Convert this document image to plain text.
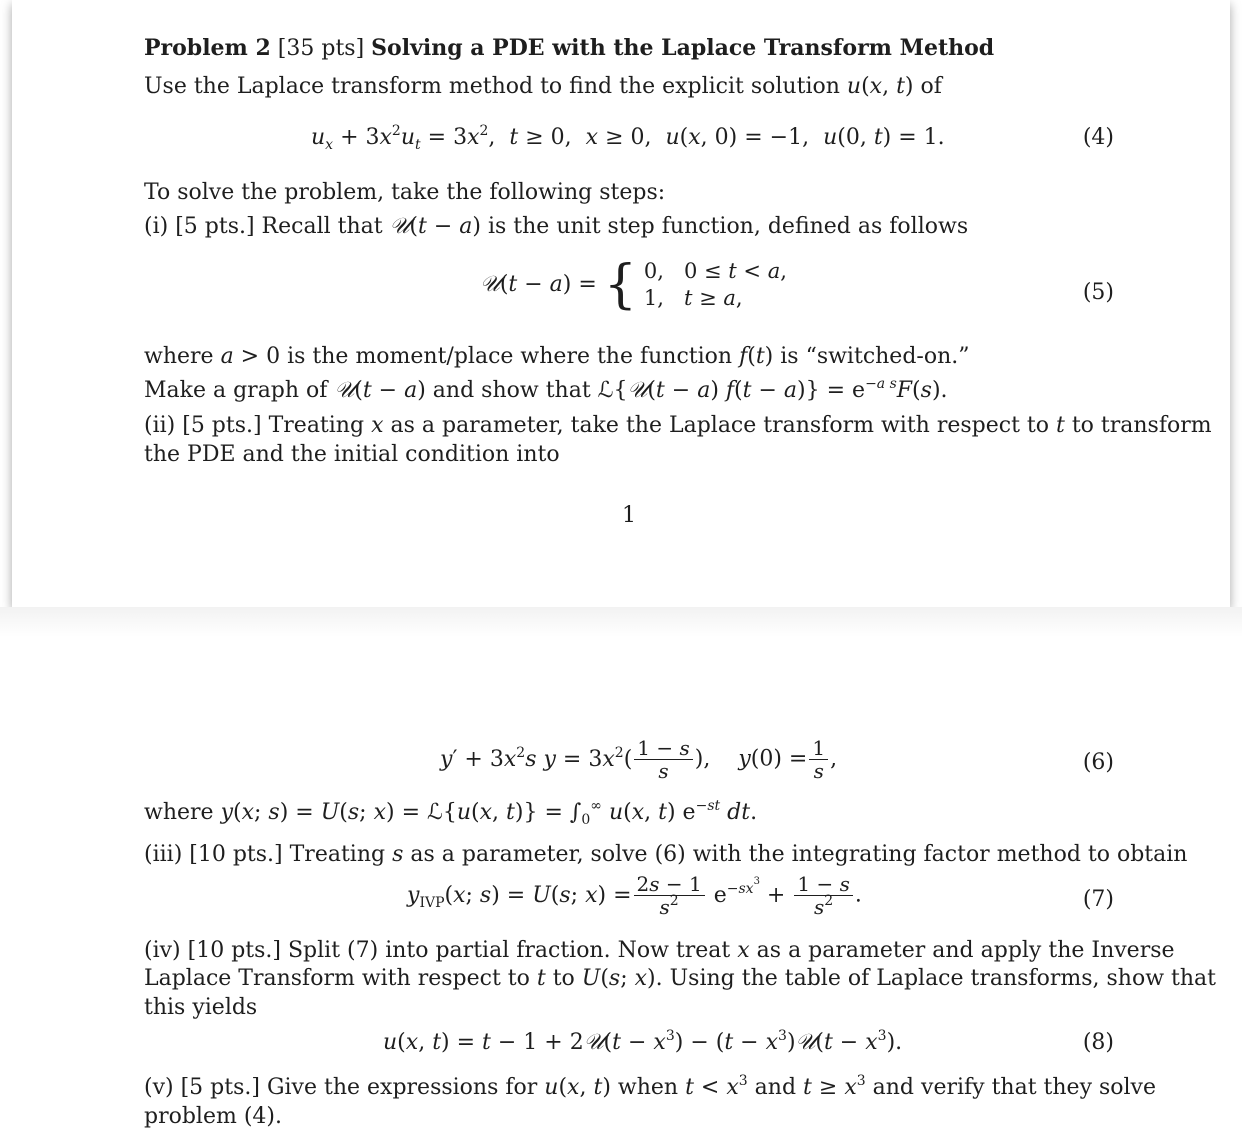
Problem 2 [35 pts] Solving a PDE with the Laplace Transform Method
Use the Laplace transform method to find the explicit solution u(x, t) of
$u_x + 3x^2u_t = 3x^2$,  t ≥ 0,  x ≥ 0,  u(x, 0) = −1,  u(0, t) = 1.	(4)
To solve the problem, take the following steps:
(i) [5 pts.] Recall that 𝒰(t − a) is the unit step function, defined as follows
𝒰(t − a) = { 0,   0 ≤ t < a,
1,   t ≥ a,	(5)
where a > 0 is the moment/place where the function f(t) is “switched-on.”
Make a graph of 𝒰(t − a) and show that ℒ{𝒰(t − a) $f(t - a)\} = e^{-a s}F(s)$.
(ii) [5 pts.] Treating x as a parameter, take the Laplace transform with respect to t to transform
the PDE and the initial condition into
1
$y' + 3x^2s$ $y = 3x^2( \frac{1 - s}{s}$ ),    $y(0) = \frac{1}{s}$ ,	(6)
where y(x; s) = U(s; x) = ℒ{u(x, $t)\} = \int_0^\infty$ u(x, t) $e^{-st}$ dt.
(iii) [10 pts.] Treating s as a parameter, solve (6) with the integrating factor method to obtain
$y_{IVP}(x$; s) = U(s; $x) = \frac{2s - 1}{s^2} e^{-sx^3} + \frac{1 - s}{s^2}$ .	(7)
(iv) [10 pts.] Split (7) into partial fraction. Now treat x as a parameter and apply the Inverse
Laplace Transform with respect to t to U(s; x). Using the table of Laplace transforms, show that
this yields
u(x, t) = t − 1 + 2𝒰(t − $x^3) - (t$ − $x^3)𝒰(t - x^3)$.	(8)
(v) [5 pts.] Give the expressions for u(x, t) when $t < x^3$ and $t \ge x^3$ and verify that they solve
problem (4).
